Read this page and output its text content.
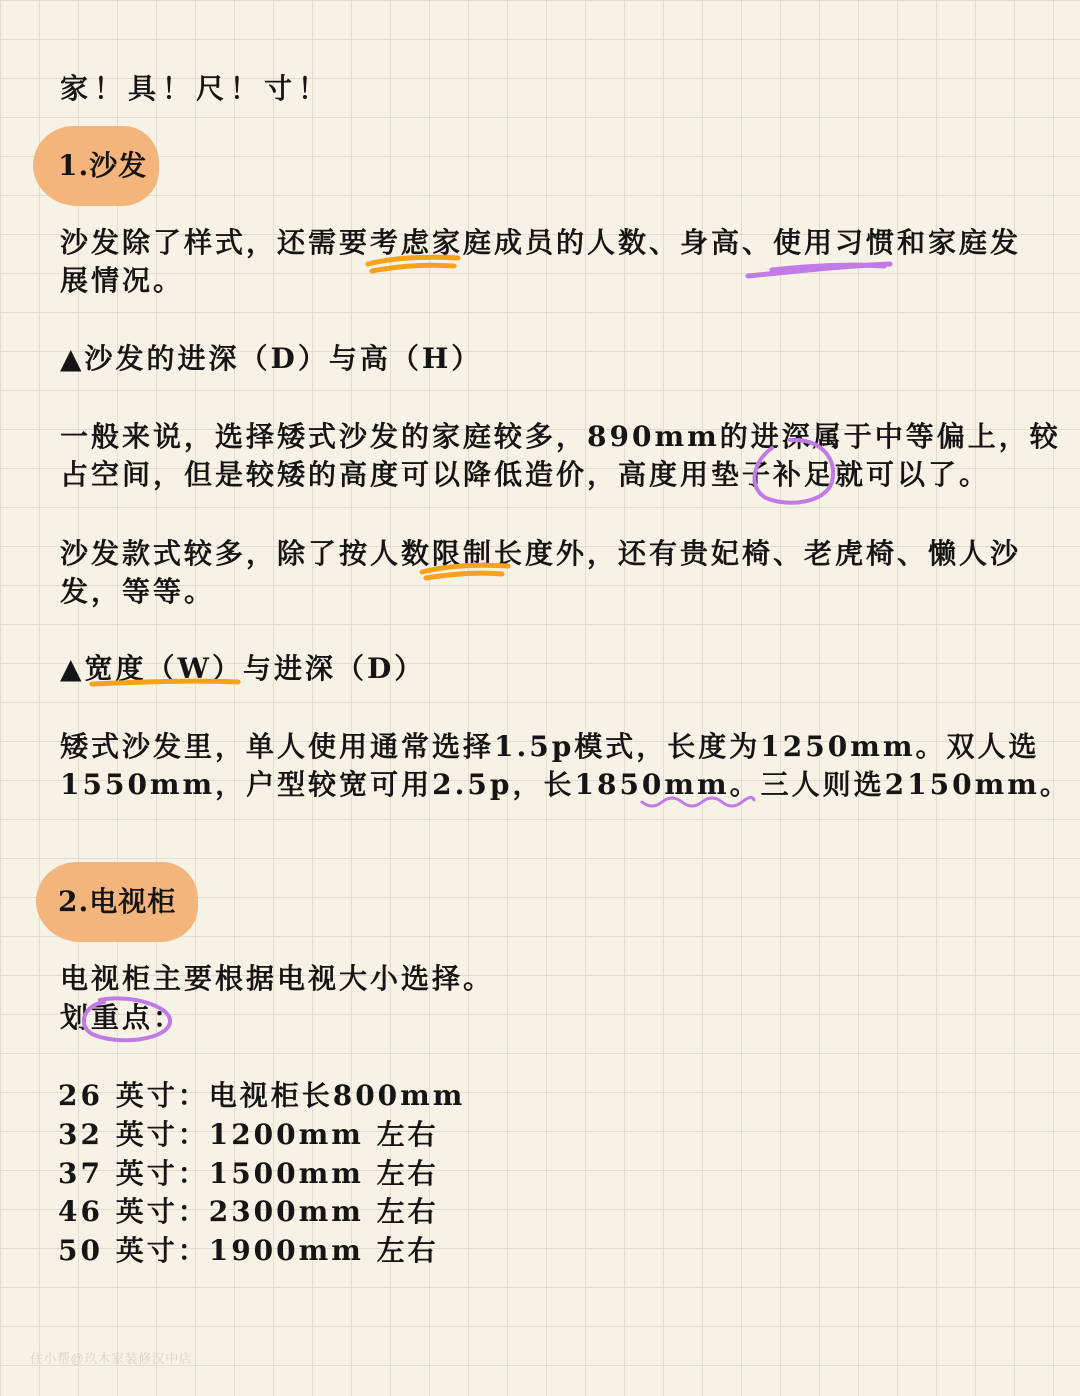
家！具！尺！寸！
1.沙发
沙发除了样式，还需要考虑家庭成员的人数、身高、使用习惯和家庭发
展情况。
▲沙发的进深（D）与高（H）
一般来说，选择矮式沙发的家庭较多，890mm的进深属于中等偏上，较
占空间，但是较矮的高度可以降低造价，高度用垫子补足就可以了。
沙发款式较多，除了按人数限制长度外，还有贵妃椅、老虎椅、懒人沙
发，等等。
▲宽度（W）与进深（D）
矮式沙发里，单人使用通常选择1.5p模式，长度为1250mm。双人选
1550mm，户型较宽可用2.5p，长1850mm。三人则选2150mm。
2.电视柜
电视柜主要根据电视大小选择。
划重点：
26 英寸：电视柜长800mm
32 英寸：1200mm 左右
37 英寸：1500mm 左右
46 英寸：2300mm 左右
50 英寸：1900mm 左右
住小帮@玖木家装修汉中店
